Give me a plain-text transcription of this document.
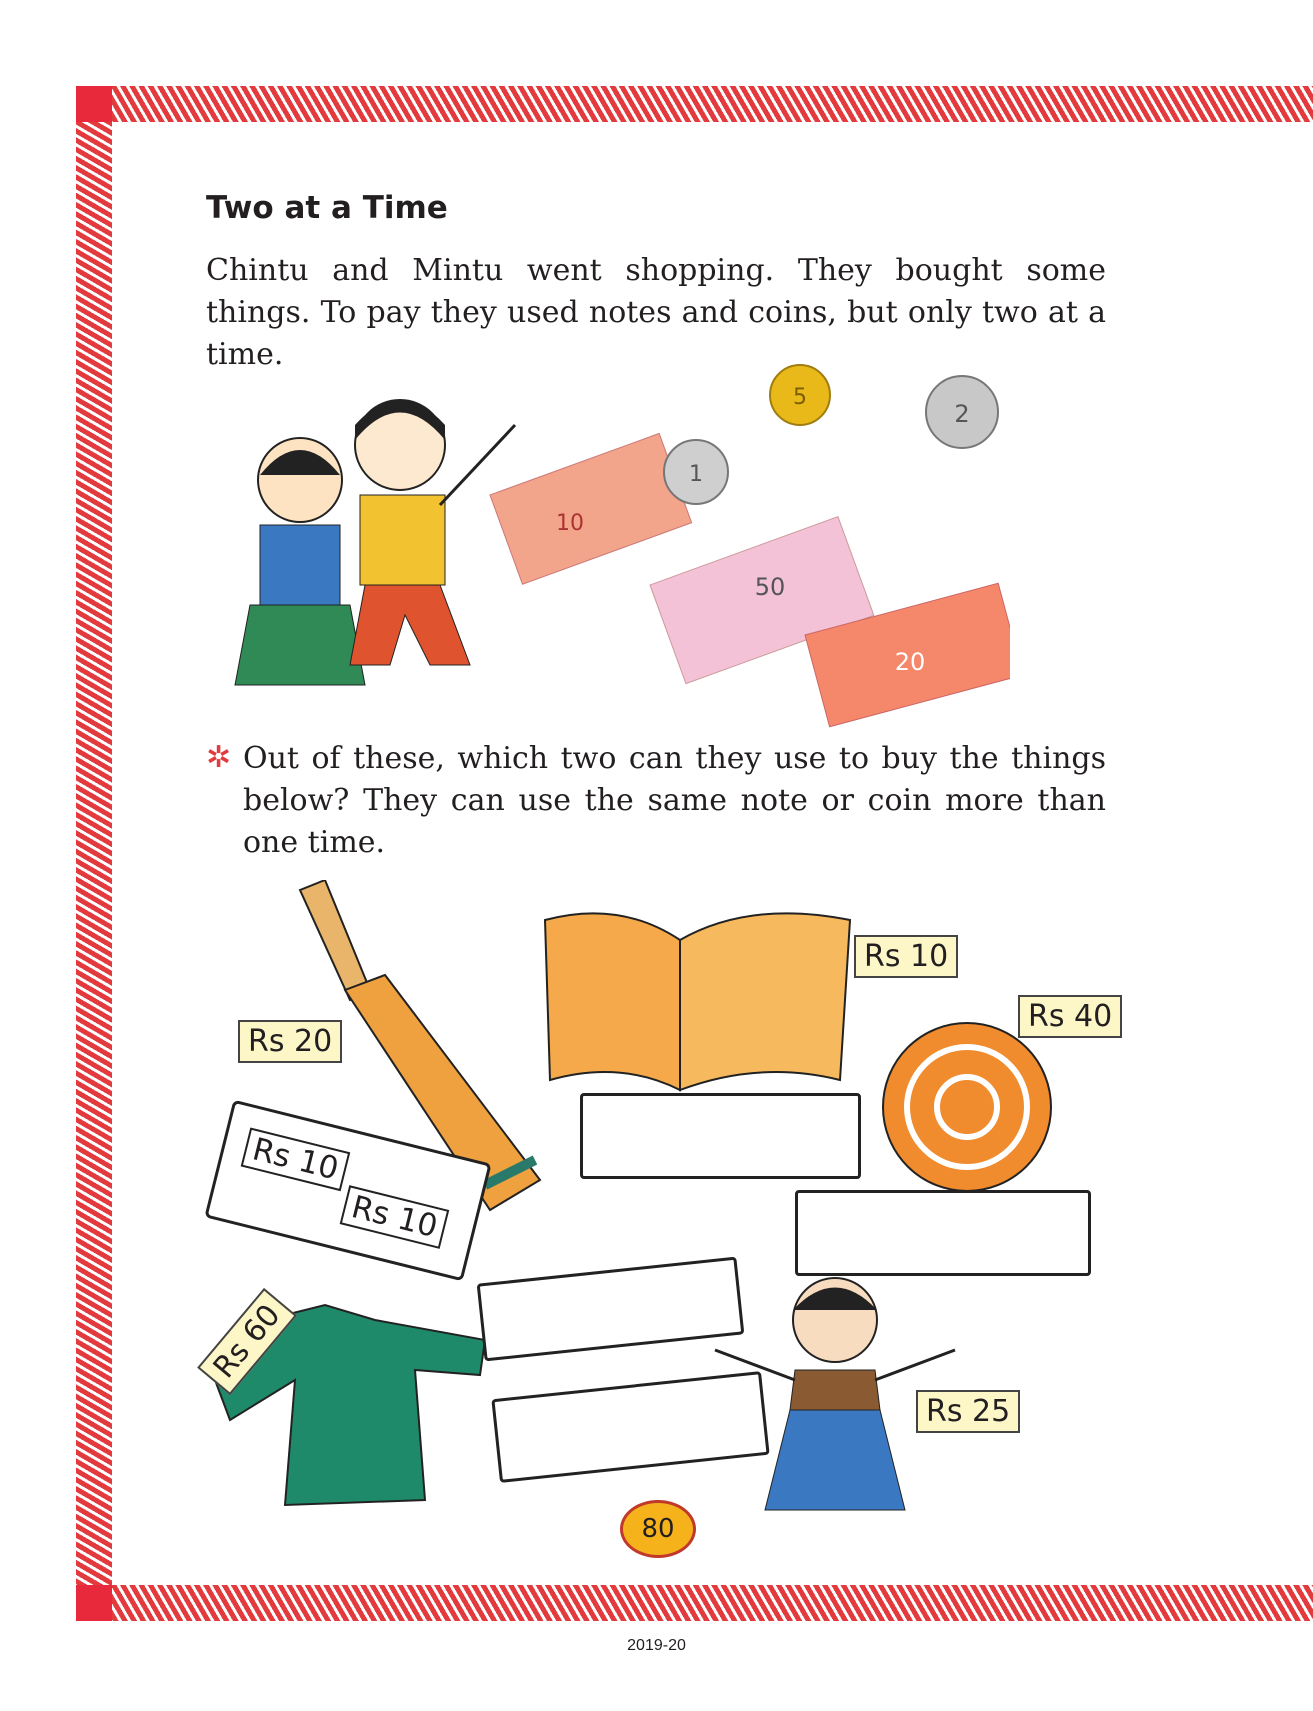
Two at a Time
Chintu and Mintu went shopping. They bought some things. To pay they used notes and coins, but only two at a time.
10
50
20
5
2
1
✲ Out of these, which two can they use to buy the things below? They can use the same note or coin more than one time.
Rs 10
Rs 40
Rs 20
Rs 10
Rs 10
Rs 60
Rs 25
80
2019-20
